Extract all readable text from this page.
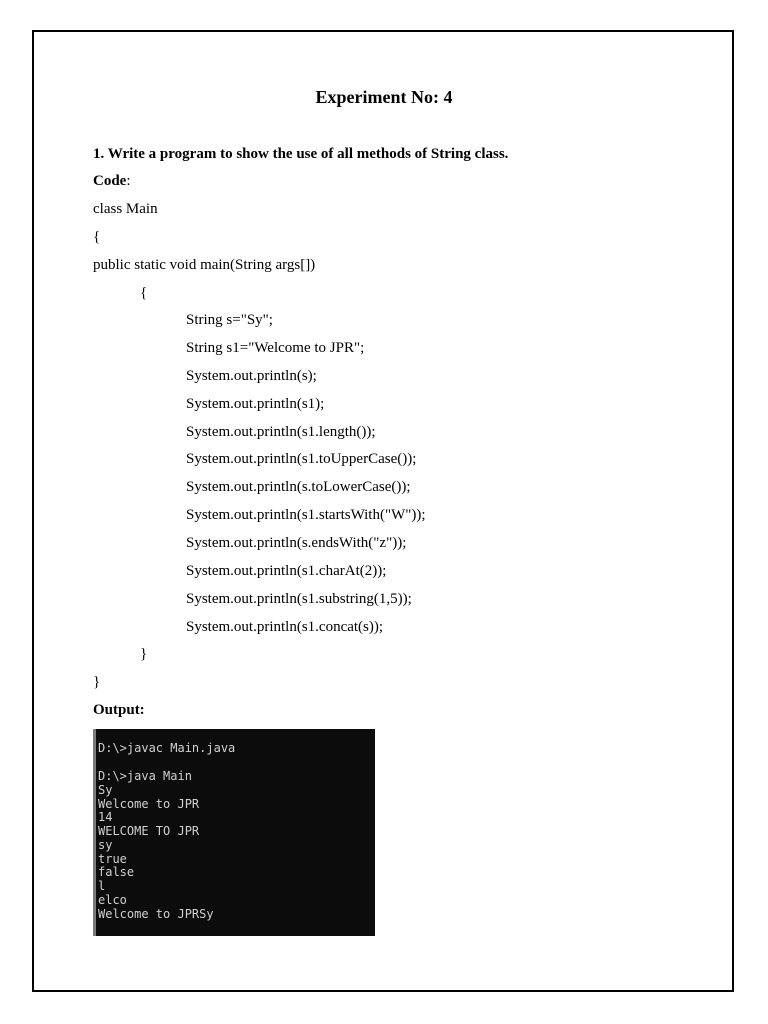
Experiment No: 4
1. Write a program to show the use of all methods of String class.
Code:
class Main
{
public static void main(String args[])
{
String s="Sy";
String s1="Welcome to JPR";
System.out.println(s);
System.out.println(s1);
System.out.println(s1.length());
System.out.println(s1.toUpperCase());
System.out.println(s.toLowerCase());
System.out.println(s1.startsWith("W"));
System.out.println(s.endsWith("z"));
System.out.println(s1.charAt(2));
System.out.println(s1.substring(1,5));
System.out.println(s1.concat(s));
}
}
Output:
D:\>javac Main.java
D:\>java Main
Sy
Welcome to JPR
14
WELCOME TO JPR
sy
true
false
l
elco
Welcome to JPRSy
